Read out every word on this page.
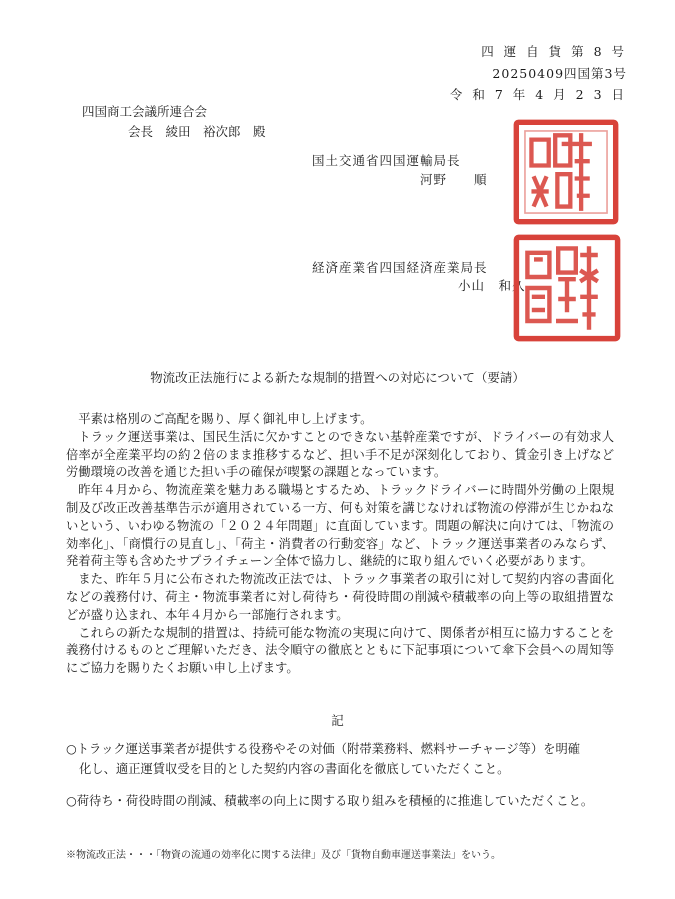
四 運 自 貨 第 8 号
20250409四国第3号
令 和 7 年 4 月 2 3 日
四国商工会議所連合会
会長　綾田　裕次郎　殿
国土交通省四国運輸局長
河野　　順
経済産業省四国経済産業局長
小山　和久
物流改正法施行による新たな規制的措置への対応について（要請）

平素は格別のご高配を賜り、厚く御礼申し上げます。

トラック運送事業は、国民生活に欠かすことのできない基幹産業ですが、ドライバーの有効求人倍率が全産業平均の約２倍のまま推移するなど、担い手不足が深刻化しており、賃金引き上げなど労働環境の改善を通じた担い手の確保が喫緊の課題となっています。

昨年４月から、物流産業を魅力ある職場とするため、トラックドライバーに時間外労働の上限規制及び改正改善基準告示が適用されている一方、何も対策を講じなければ物流の停滞が生じかねないという、いわゆる物流の「２０２４年問題」に直面しています。問題の解決に向けては、「物流の効率化」、「商慣行の見直し」、「荷主・消費者の行動変容」など、トラック運送事業者のみならず、発着荷主等も含めたサプライチェーン全体で協力し、継続的に取り組んでいく必要があります。

また、昨年５月に公布された物流改正法では、トラック事業者の取引に対して契約内容の書面化などの義務付け、荷主・物流事業者に対し荷待ち・荷役時間の削減や積載率の向上等の取組措置などが盛り込まれ、本年４月から一部施行されます。

これらの新たな規制的措置は、持続可能な物流の実現に向けて、関係者が相互に協力することを義務付けるものとご理解いただき、法令順守の徹底とともに下記事項について傘下会員への周知等にご協力を賜りたくお願い申し上げます。

記
○トラック運送事業者が提供する役務やその対価（附帯業務料、燃料サーチャージ等）を明確
化し、適正運賃収受を目的とした契約内容の書面化を徹底していただくこと。
○荷待ち・荷役時間の削減、積載率の向上に関する取り組みを積極的に推進していただくこと。
※物流改正法・・・「物資の流通の効率化に関する法律」及び「貨物自動車運送事業法」をいう。
